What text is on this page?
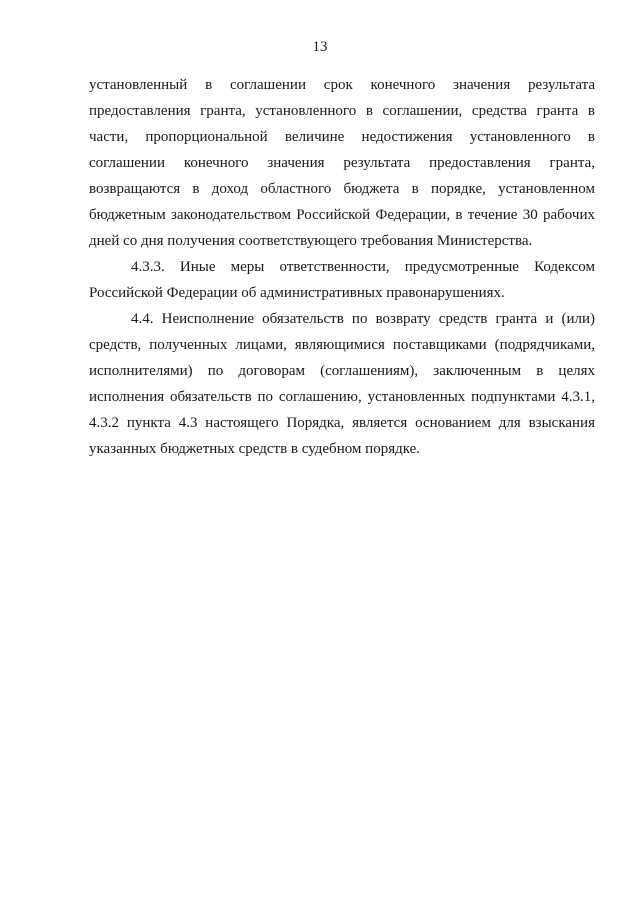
13

установленный в соглашении срок конечного значения результата предоставления гранта, установленного в соглашении, средства гранта в части, пропорциональной величине недостижения установленного в соглашении конечного значения результата предоставления гранта, возвращаются в доход областного бюджета в порядке, установленном бюджетным законодательством Российской Федерации, в течение 30 рабочих дней со дня получения соответствующего требования Министерства.

4.3.3. Иные меры ответственности, предусмотренные Кодексом Российской Федерации об административных правонарушениях.

4.4. Неисполнение обязательств по возврату средств гранта и (или) средств, полученных лицами, являющимися поставщиками (подрядчиками, исполнителями) по договорам (соглашениям), заключенным в целях исполнения обязательств по соглашению, установленных подпунктами 4.3.1, 4.3.2 пункта 4.3 настоящего Порядка, является основанием для взыскания указанных бюджетных средств в судебном порядке.
